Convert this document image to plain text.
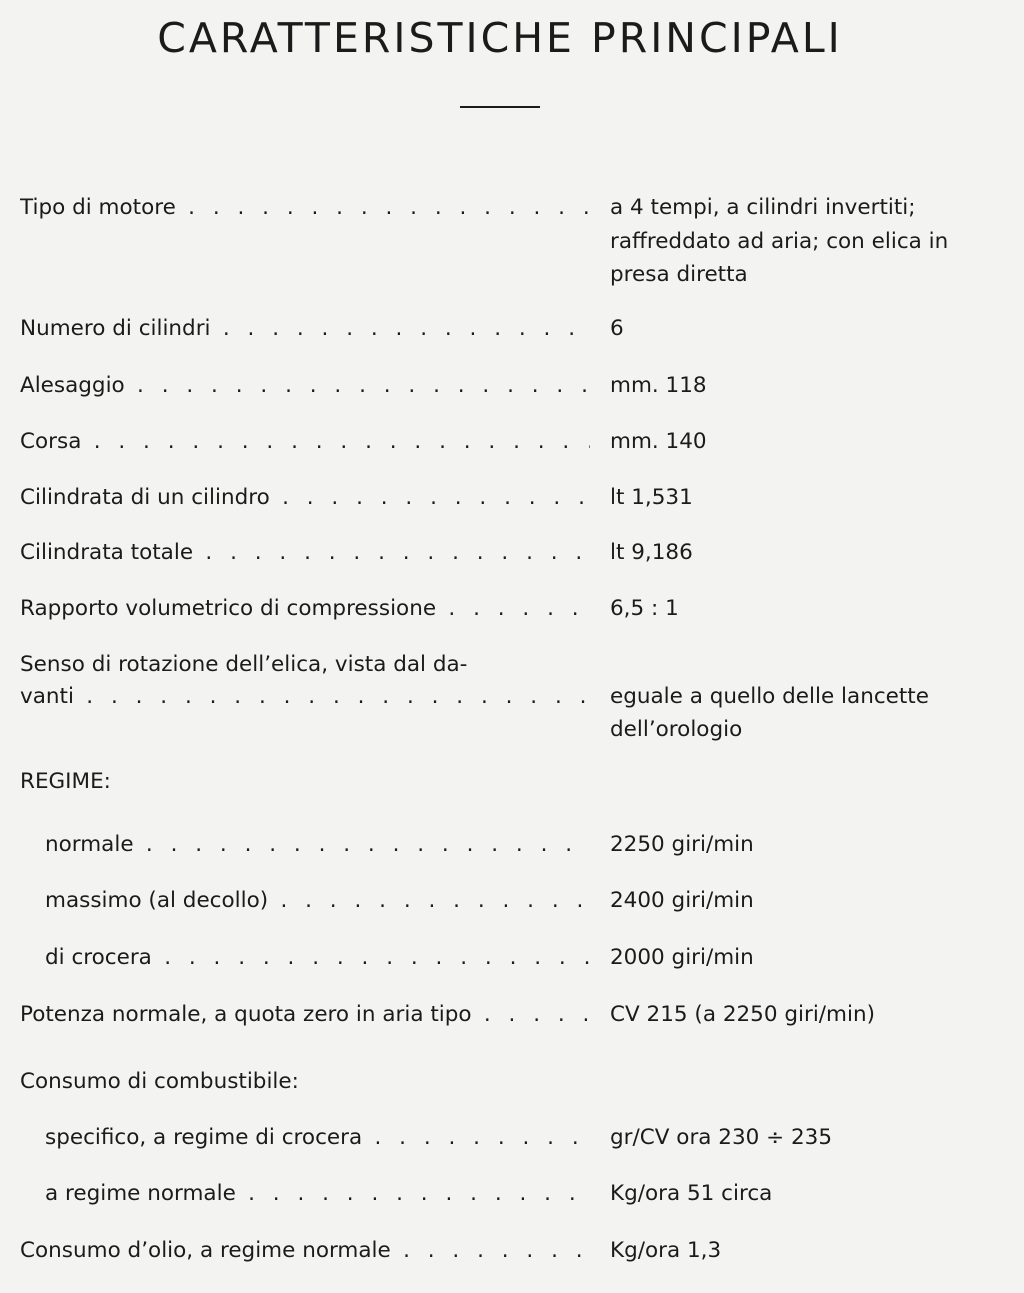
CARATTERISTICHE PRINCIPALI
Tipo di motore . . .	a 4 tempi, a cilindri invertiti; raffreddato ad aria; con elica in presa diretta
Numero di cilindri . . .	6
Alesaggio . . .	mm. 118
Corsa . . .	mm. 140
Cilindrata di un cilindro . . .	lt 1,531
Cilindrata totale . . .	lt 9,186
Rapporto volumetrico di compressione . . .	6,5 : 1
Senso di rotazione dell’elica, vista dal da-
vanti . . .	eguale a quello delle lancette dell’orologio
REGIME:
normale . . .	2250 giri/min
massimo (al decollo) . . .	2400 giri/min
di crocera . . .	2000 giri/min
Potenza normale, a quota zero in aria tipo . . .	CV 215 (a 2250 giri/min)
Consumo di combustibile:
specifico, a regime di crocera . . .	gr/CV ora 230 ÷ 235
a regime normale . . .	Kg/ora 51 circa
Consumo d’olio, a regime normale . . .	Kg/ora 1,3
